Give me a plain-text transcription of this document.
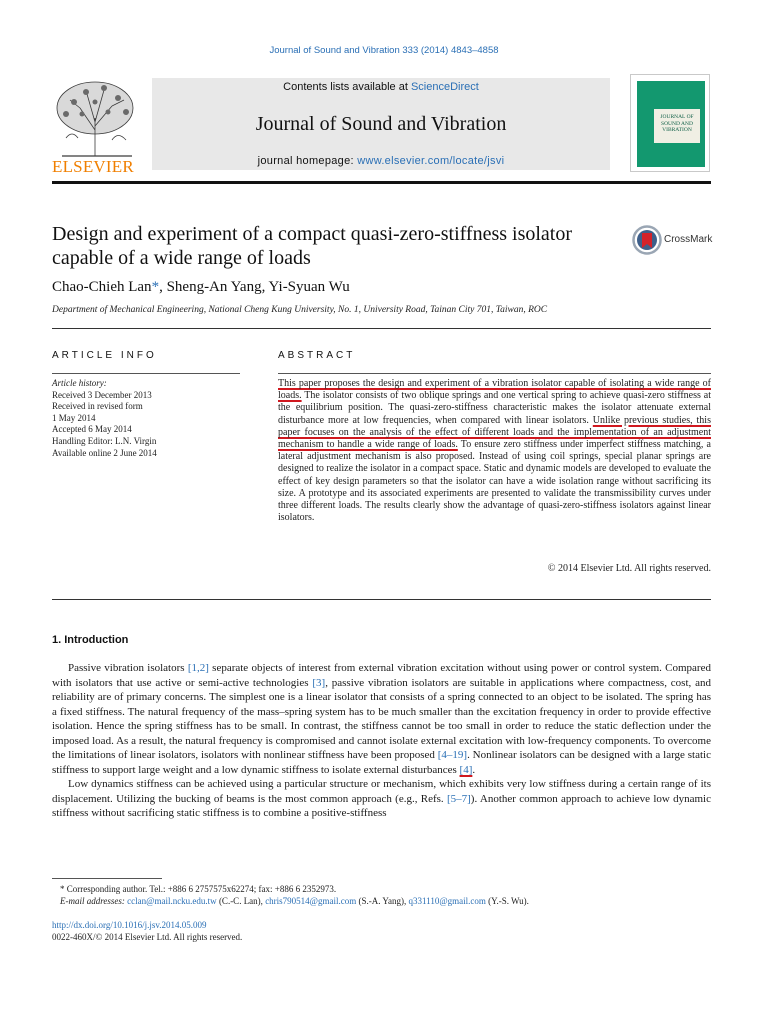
Journal of Sound and Vibration 333 (2014) 4843–4858
ELSEVIER
Contents lists available at ScienceDirect
Journal of Sound and Vibration
journal homepage: www.elsevier.com/locate/jsvi
JOURNAL OF SOUND AND VIBRATION
Design and experiment of a compact quasi-zero-stiffness isolator capable of a wide range of loads
CrossMark
Chao-Chieh Lan*, Sheng-An Yang, Yi-Syuan Wu
Department of Mechanical Engineering, National Cheng Kung University, No. 1, University Road, Tainan City 701, Taiwan, ROC
ARTICLE INFO
Article history:
Received 3 December 2013
Received in revised form
1 May 2014
Accepted 6 May 2014
Handling Editor: L.N. Virgin
Available online 2 June 2014
ABSTRACT
This paper proposes the design and experiment of a vibration isolator capable of isolating a wide range of loads. The isolator consists of two oblique springs and one vertical spring to achieve quasi-zero stiffness at the equilibrium position. The quasi-zero-stiffness characteristic makes the isolator attenuate external disturbance more at low frequencies, when compared with linear isolators. Unlike previous studies, this paper focuses on the analysis of the effect of different loads and the implementation of an adjustment mechanism to handle a wide range of loads. To ensure zero stiffness under imperfect stiffness matching, a lateral adjustment mechanism is also proposed. Instead of using coil springs, special planar springs are designed to realize the isolator in a compact space. Static and dynamic models are developed to evaluate the effect of key design parameters so that the isolator can have a wide isolation range without sacrificing its size. A prototype and its associated experiments are presented to validate the transmissibility curves under three different loads. The results clearly show the advantage of quasi-zero-stiffness isolators against linear isolators.
© 2014 Elsevier Ltd. All rights reserved.
1. Introduction

Passive vibration isolators [1,2] separate objects of interest from external vibration excitation without using power or control system. Compared with isolators that use active or semi-active technologies [3], passive vibration isolators are suitable in applications where compactness, cost, and reliability are of primary concerns. The simplest one is a linear isolator that consists of a spring connected to an object to be isolated. The spring has a fixed stiffness. The natural frequency of the mass–spring system has to be much smaller than the excitation frequency in order to provide effective isolation. Hence the spring stiffness has to be small. In contrast, the stiffness cannot be too small in order to reduce the static deflection under the imposed load. As a result, the natural frequency is compromised and cannot isolate external excitation with low-frequency components. To overcome the limitations of linear isolators, isolators with nonlinear stiffness have been proposed [4–19]. Nonlinear isolators can be designed with a large static stiffness to support large weight and a low dynamic stiffness to isolate external disturbances [4].

Low dynamics stiffness can be achieved using a particular structure or mechanism, which exhibits very low stiffness during a certain range of its displacement. Utilizing the bucking of beams is the most common approach (e.g., Refs. [5–7]). Another common approach to achieve low dynamic stiffness without sacrificing static stiffness is to combine a positive-stiffness

* Corresponding author. Tel.: +886 6 2757575x62274; fax: +886 6 2352973.
E-mail addresses: cclan@mail.ncku.edu.tw (C.-C. Lan), chris790514@gmail.com (S.-A. Yang), q331110@gmail.com (Y.-S. Wu).
http://dx.doi.org/10.1016/j.jsv.2014.05.009
0022-460X/© 2014 Elsevier Ltd. All rights reserved.
